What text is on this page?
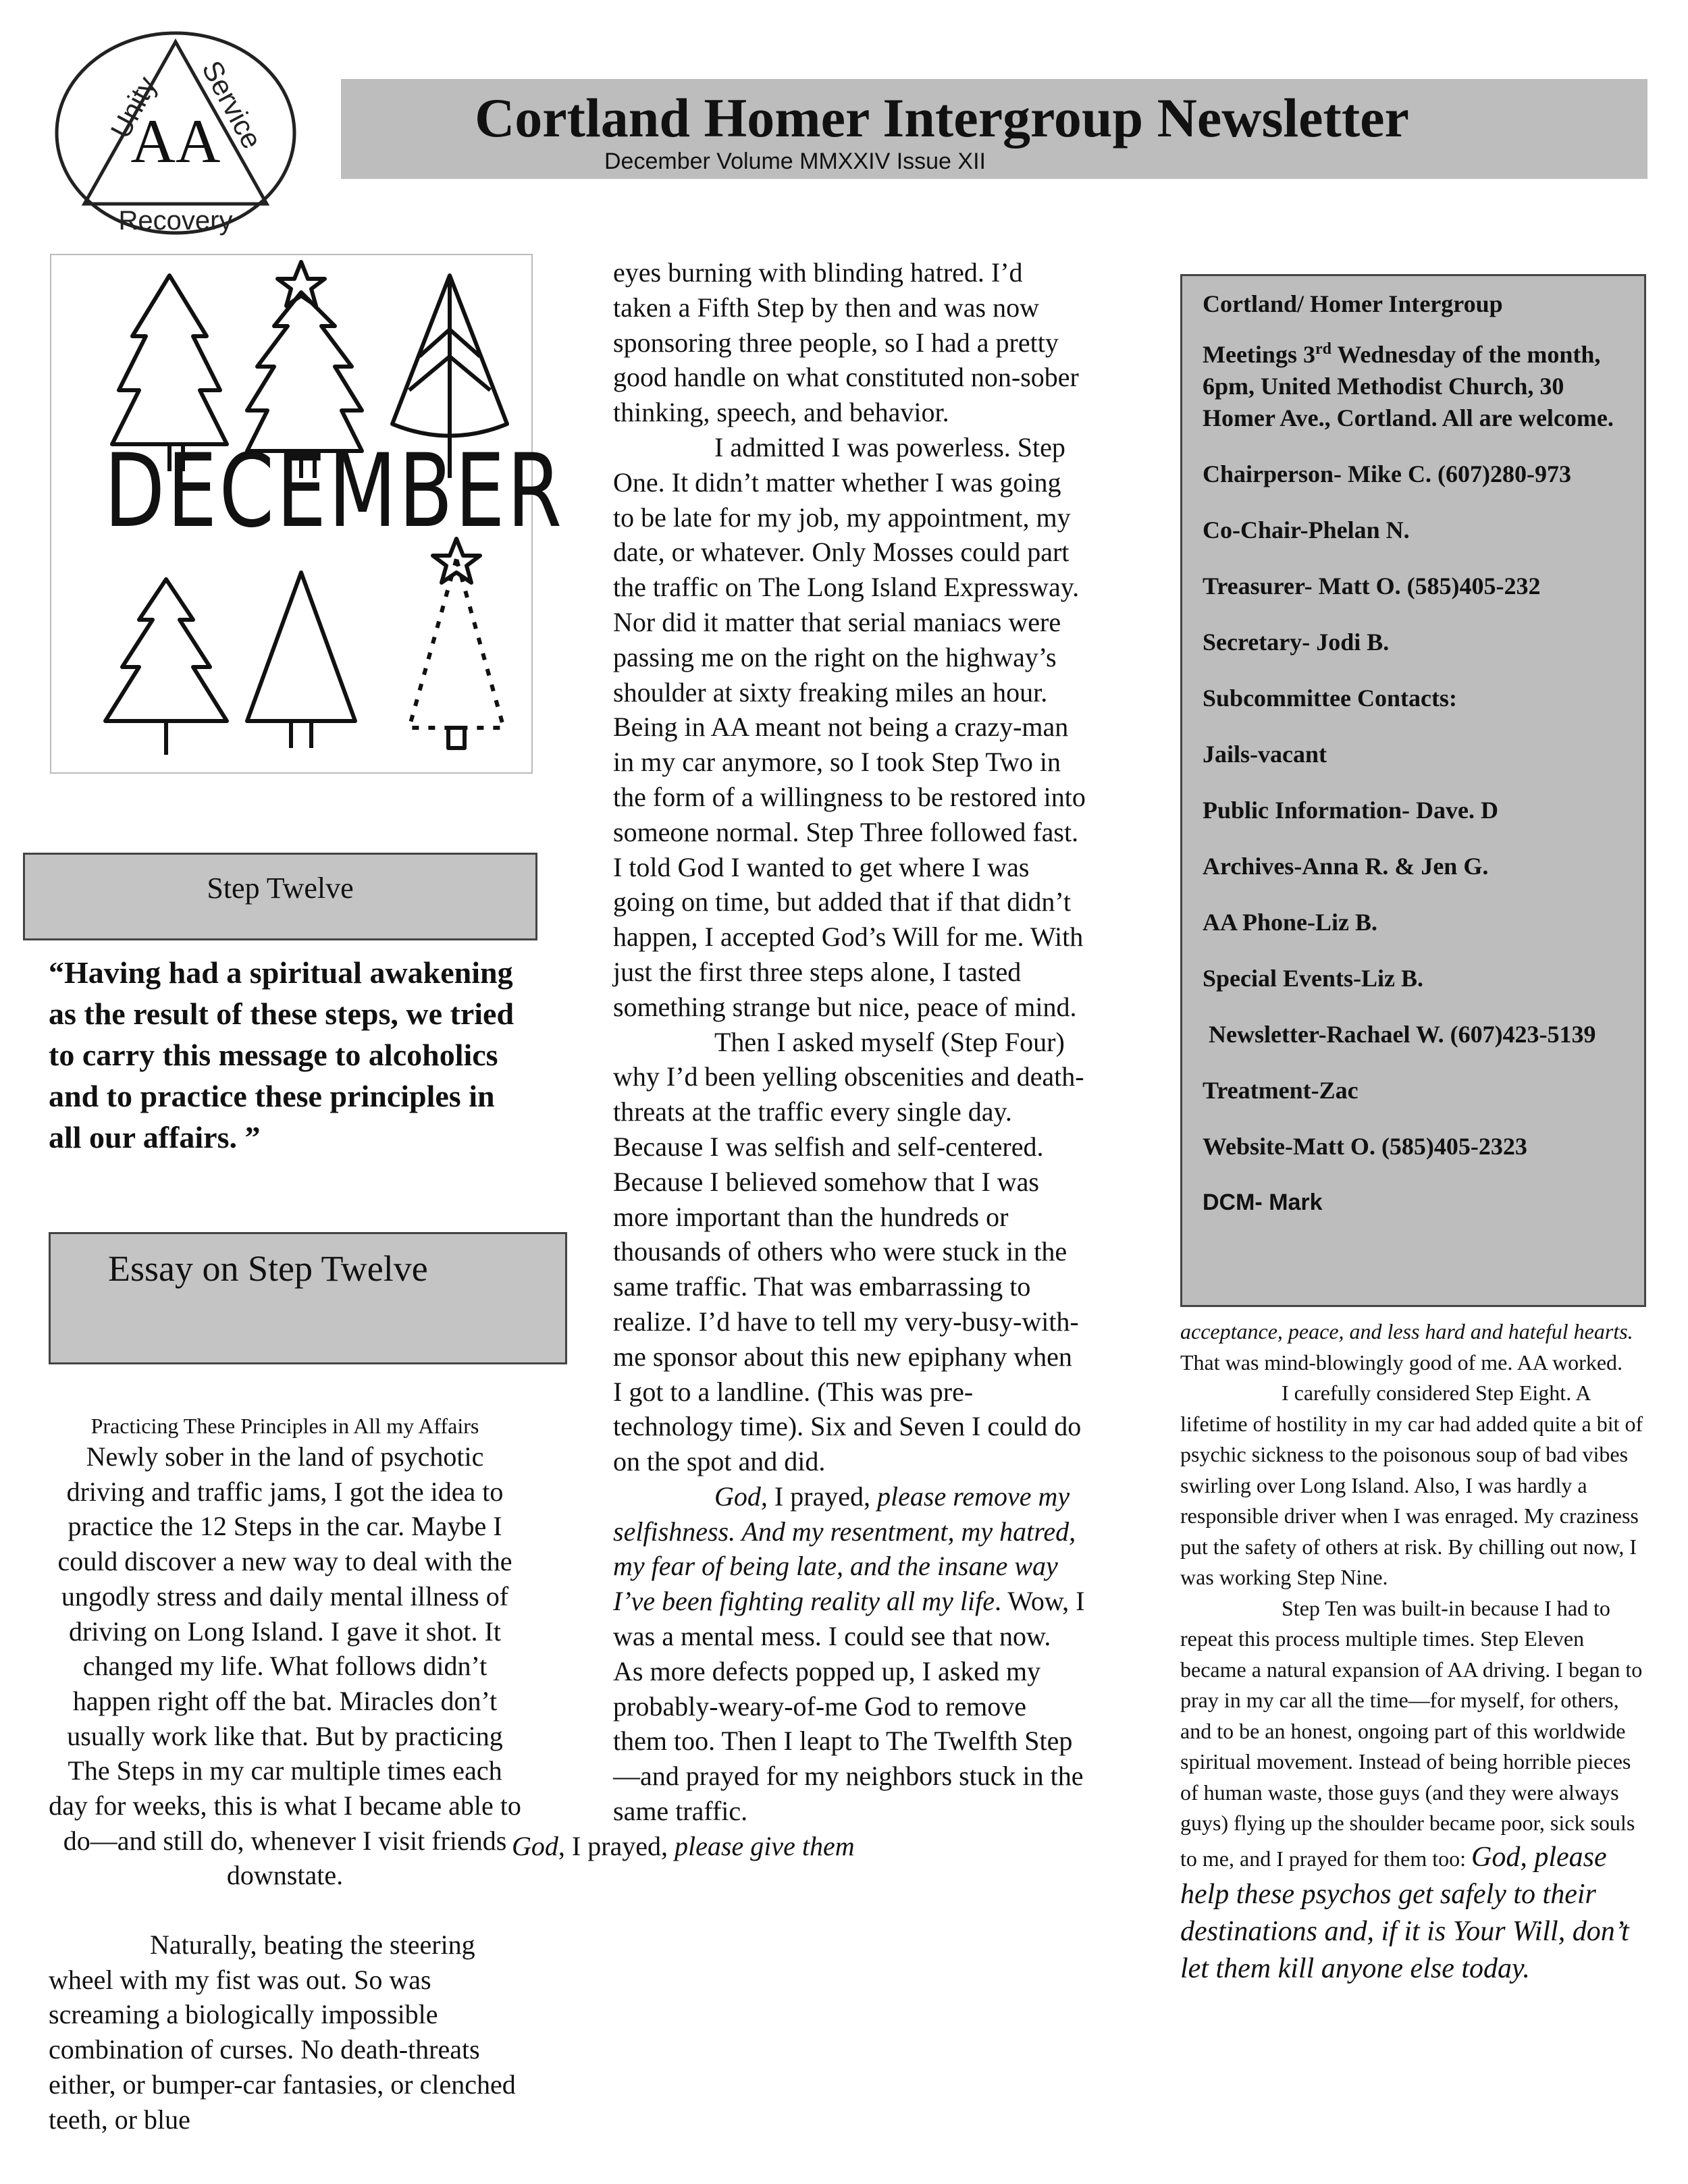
AA
Unity Service
Recovery
Cortland Homer Intergroup Newsletter
December Volume MMXXIV Issue XII
DECEMBER
Step Twelve
“Having had a spiritual awakening as the result of these steps, we tried to carry this message to alcoholics and to practice these principles in all our affairs. ”
Essay on Step Twelve
Practicing These Principles in All my Affairs

Newly sober in the land of psychotic driving and traffic jams, I got the idea to practice the 12 Steps in the car. Maybe I could discover a new way to deal with the ungodly stress and daily mental illness of driving on Long Island. I gave it shot. It changed my life. What follows didn’t happen right off the bat. Miracles don’t usually work like that. But by practicing The Steps in my car multiple times each day for weeks, this is what I became able to do—and still do, whenever I visit friends downstate.

Naturally, beating the steering wheel with my fist was out. So was screaming a biologically impossible combination of curses. No death-threats either, or bumper-car fantasies, or clenched teeth, or blue

eyes burning with blinding hatred. I’d taken a Fifth Step by then and was now sponsoring three people, so I had a pretty good handle on what constituted non-sober thinking, speech, and behavior.

I admitted I was powerless. Step One. It didn’t matter whether I was going to be late for my job, my appointment, my date, or whatever. Only Mosses could part the traffic on The Long Island Expressway. Nor did it matter that serial maniacs were passing me on the right on the highway’s shoulder at sixty freaking miles an hour. Being in AA meant not being a crazy-man in my car anymore, so I took Step Two in the form of a willingness to be restored into someone normal. Step Three followed fast. I told God I wanted to get where I was going on time, but added that if that didn’t happen, I accepted God’s Will for me. With just the first three steps alone, I tasted something strange but nice, peace of mind.

Then I asked myself (Step Four) why I’d been yelling obscenities and death-threats at the traffic every single day. Because I was selfish and self-centered. Because I believed somehow that I was more important than the hundreds or thousands of others who were stuck in the same traffic. That was embarrassing to realize. I’d have to tell my very-busy-with-me sponsor about this new epiphany when I got to a landline. (This was pre-technology time). Six and Seven I could do on the spot and did.

God, I prayed, please remove my selfishness. And my resentment, my hatred, my fear of being late, and the insane way I’ve been fighting reality all my life. Wow, I was a mental mess. I could see that now. As more defects popped up, I asked my probably-weary-of-me God to remove them too. Then I leapt to The Twelfth Step—and prayed for my neighbors stuck in the same traffic.
God, I prayed, please give them

Cortland/ Homer Intergroup

Meetings 3rd Wednesday of the month, 6pm, United Methodist Church, 30 Homer Ave., Cortland. All are welcome.

Chairperson- Mike C. (607)280-973

Co-Chair-Phelan N.

Treasurer- Matt O. (585)405-232

Secretary- Jodi B.

Subcommittee Contacts:

Jails-vacant

Public Information- Dave. D

Archives-Anna R. & Jen G.

AA Phone-Liz B.

Special Events-Liz B.

Newsletter-Rachael W. (607)423-5139

Treatment-Zac

Website-Matt O. (585)405-2323

DCM- Mark

acceptance, peace, and less hard and hateful hearts. That was mind-blowingly good of me. AA worked.

I carefully considered Step Eight. A lifetime of hostility in my car had added quite a bit of psychic sickness to the poisonous soup of bad vibes swirling over Long Island. Also, I was hardly a responsible driver when I was enraged. My craziness put the safety of others at risk. By chilling out now, I was working Step Nine.

Step Ten was built-in because I had to repeat this process multiple times. Step Eleven became a natural expansion of AA driving. I began to pray in my car all the time—for myself, for others, and to be an honest, ongoing part of this worldwide spiritual movement. Instead of being horrible pieces of human waste, those guys (and they were always guys) flying up the shoulder became poor, sick souls to me, and I prayed for them too: God, please help these psychos get safely to their destinations and, if it is Your Will, don’t let them kill anyone else today.
